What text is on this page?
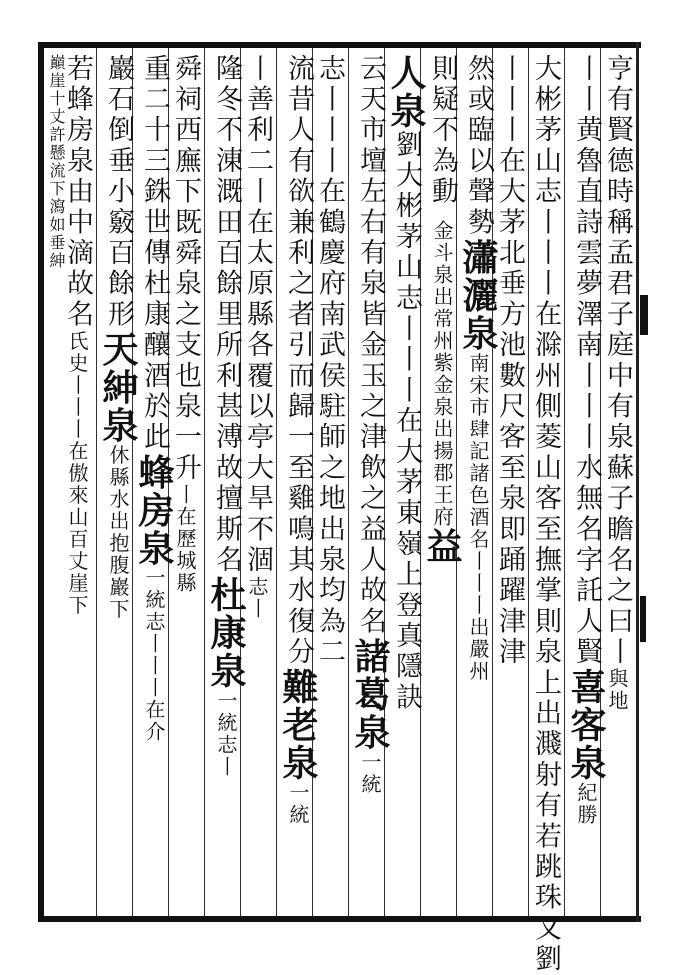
亨有賢德時稱孟君子庭中有泉蘇子瞻名之曰丨與地
丨丨黄魯直詩雲夢澤南丨丨丨水無名字託人賢喜客泉紀勝
大彬茅山志丨丨丨在滁州側菱山客至撫掌則泉上出濺射有若跳珠又劉
丨丨丨在大茅北垂方池數尺客至泉即踊躍津津
然或臨以聲勢瀟灑泉南宋市肆記諸色酒名丨丨丨出嚴州
則疑不為動金斗泉出常州紫金泉出揚郡王府益
人泉劉大彬茅山志丨丨丨在大茅東嶺上登真隱訣
云天市壇左右有泉皆金玉之津飲之益人故名諸葛泉一統
志丨丨丨在鶴慶府南武侯駐師之地出泉均為二
流昔人有欲兼利之者引而歸一至雞鳴其水復分難老泉一統
丨善利二丨在太原縣各覆以亭大旱不涸志丨
隆冬不涷溉田百餘里所利甚溥故擅斯名杜康泉一統志丨
舜祠西廡下既舜泉之支也泉一升丨在歷城縣
重二十三銖世傳杜康釀酒於此蜂房泉一統志丨丨丨在介
巖石倒垂小竅百餘形天紳泉休縣水出抱腹巖下
若蜂房泉由中滴故名氏史丨丨丨在傲來山百丈崖下
巔崖十丈許懸流下瀉如垂紳
